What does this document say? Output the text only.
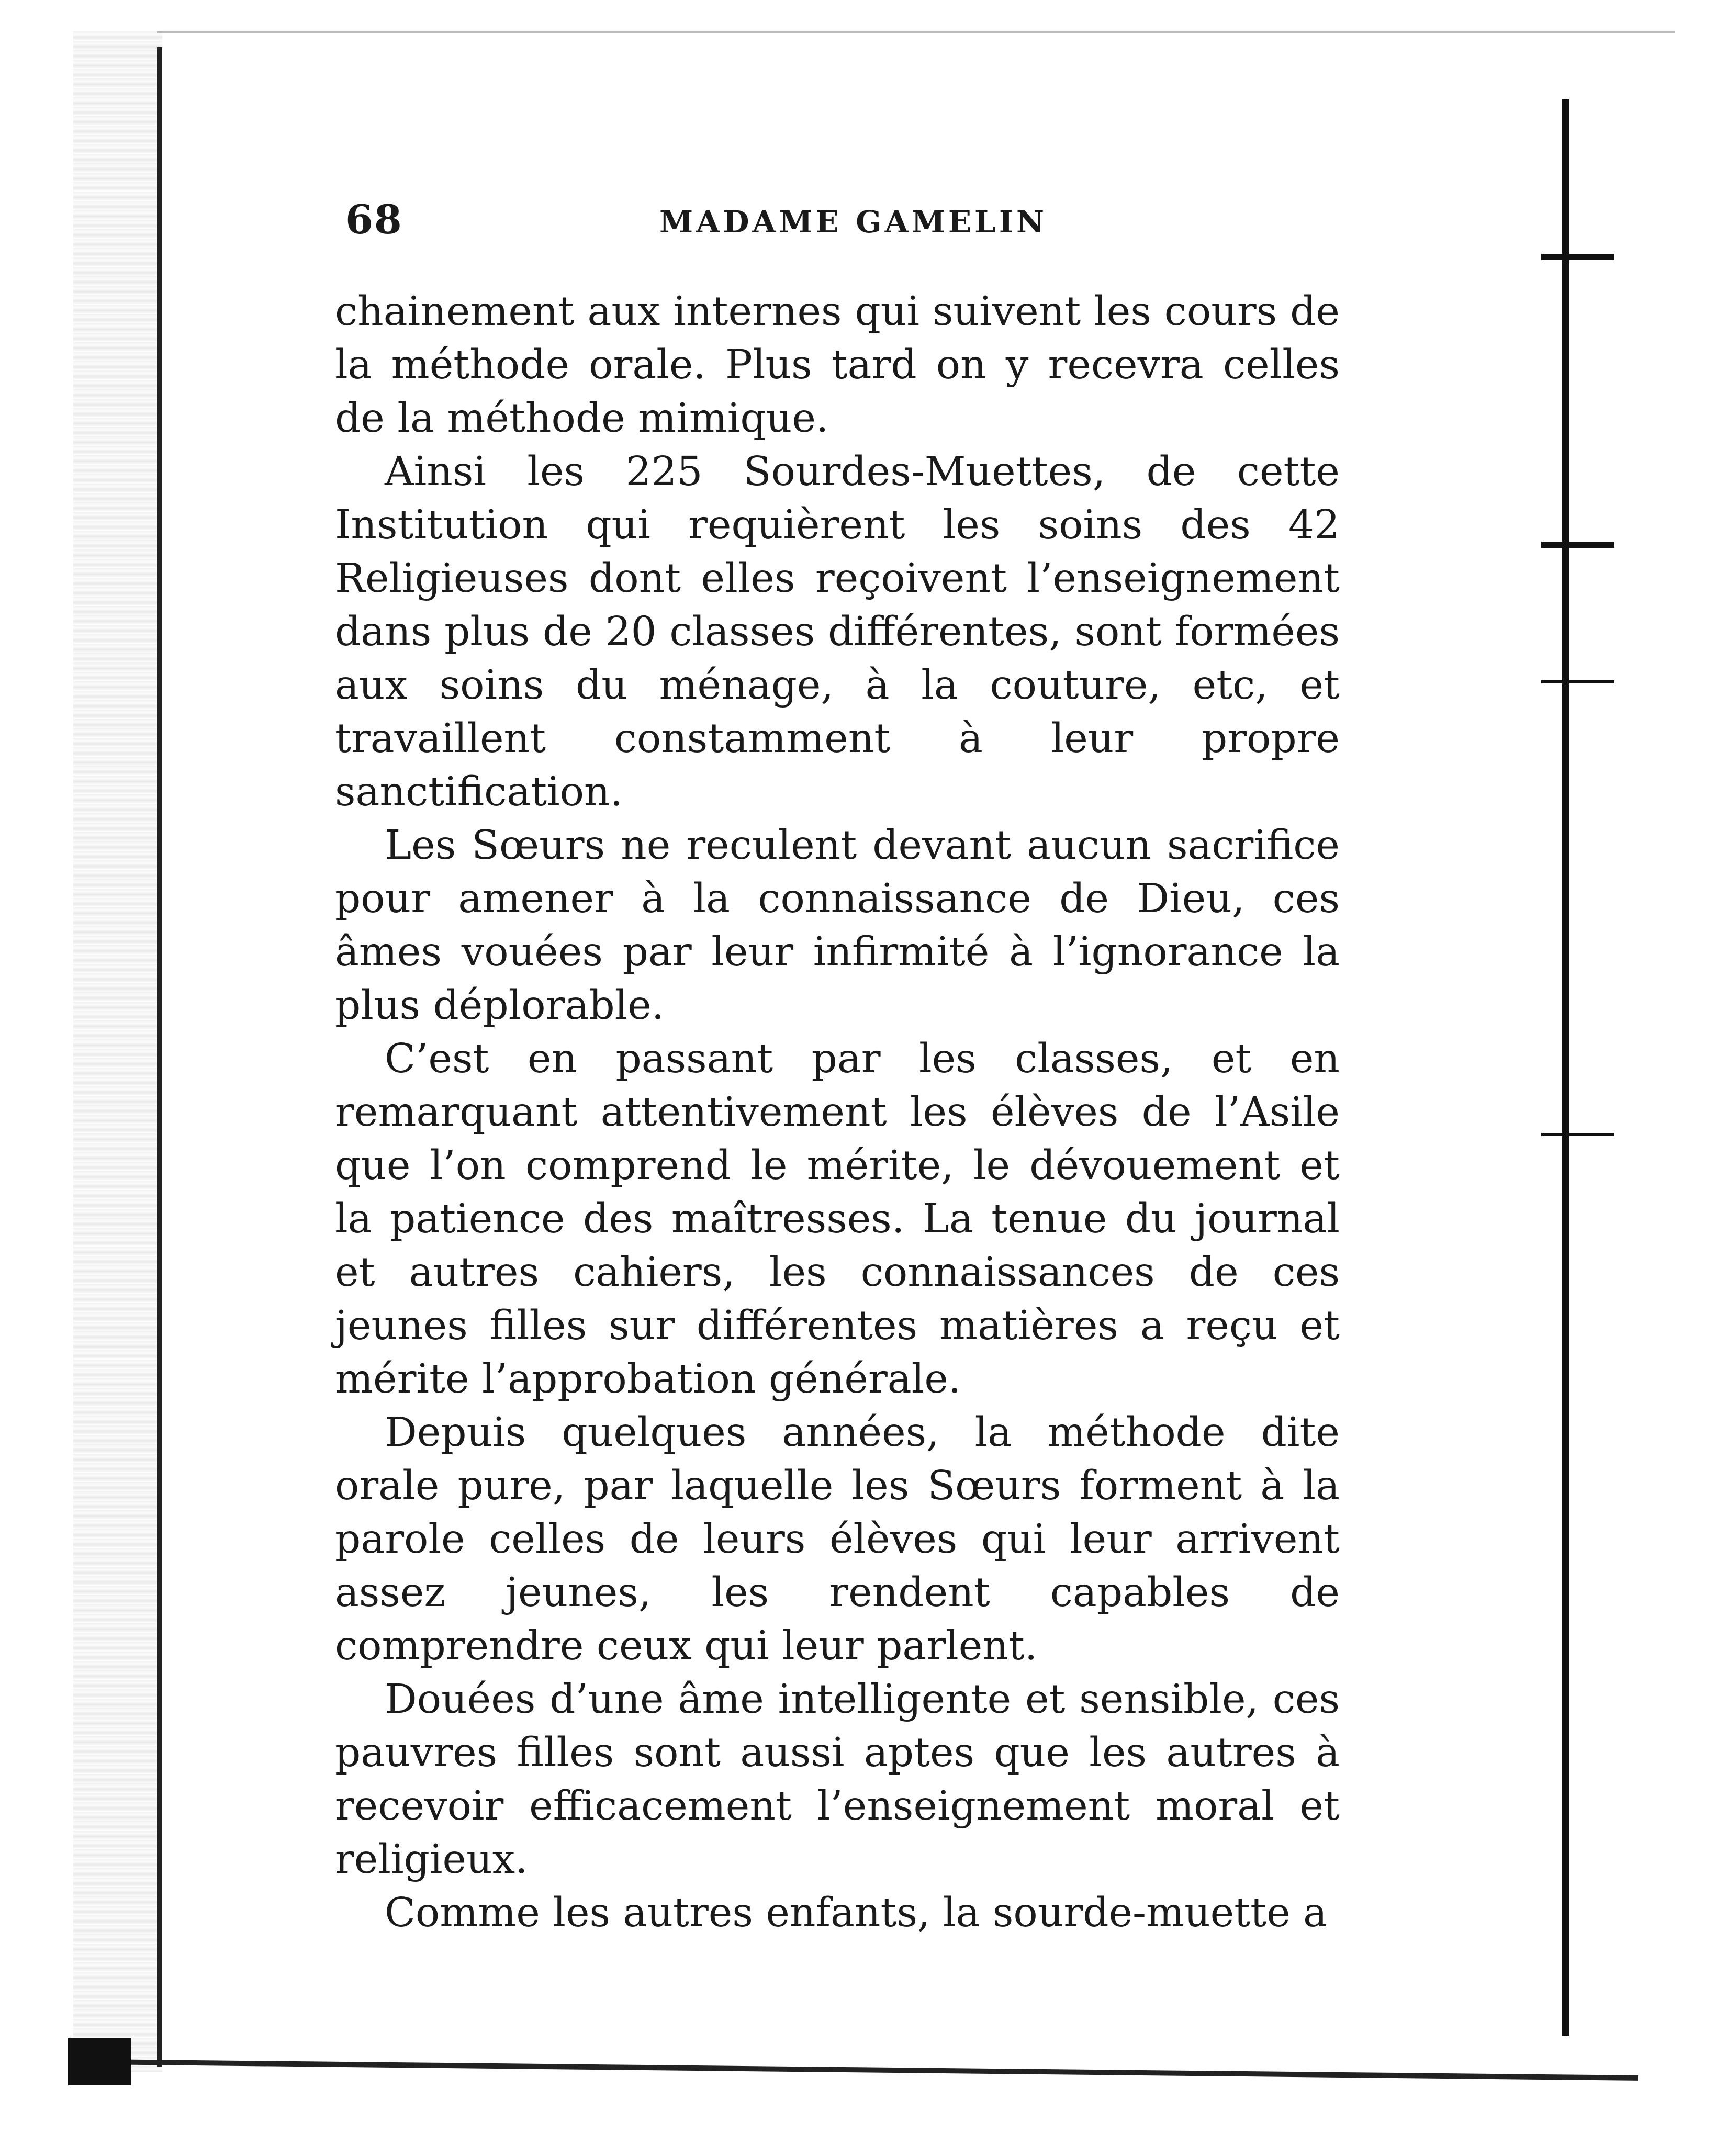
68	MADAME GAMELIN

chainement aux internes qui suivent les cours de la méthode orale. Plus tard on y recevra celles de la méthode mimique.

Ainsi les 225 Sourdes-Muettes, de cette Institution qui requièrent les soins des 42 Religieuses dont elles reçoivent l’enseignement dans plus de 20 classes différentes, sont formées aux soins du ménage, à la couture, etc, et travaillent constamment à leur propre sanctification.

Les Sœurs ne reculent devant aucun sacrifice pour amener à la connaissance de Dieu, ces âmes vouées par leur infirmité à l’ignorance la plus déplorable.

C’est en passant par les classes, et en remarquant attentivement les élèves de l’Asile que l’on comprend le mérite, le dévouement et la patience des maîtresses. La tenue du journal et autres cahiers, les connaissances de ces jeunes filles sur différentes matières a reçu et mérite l’approbation générale.

Depuis quelques années, la méthode dite orale pure, par laquelle les Sœurs forment à la parole celles de leurs élèves qui leur arrivent assez jeunes, les rendent capables de comprendre ceux qui leur parlent.

Douées d’une âme intelligente et sensible, ces pauvres filles sont aussi aptes que les autres à recevoir efficacement l’enseignement moral et religieux.

Comme les autres enfants, la sourde-muette a
